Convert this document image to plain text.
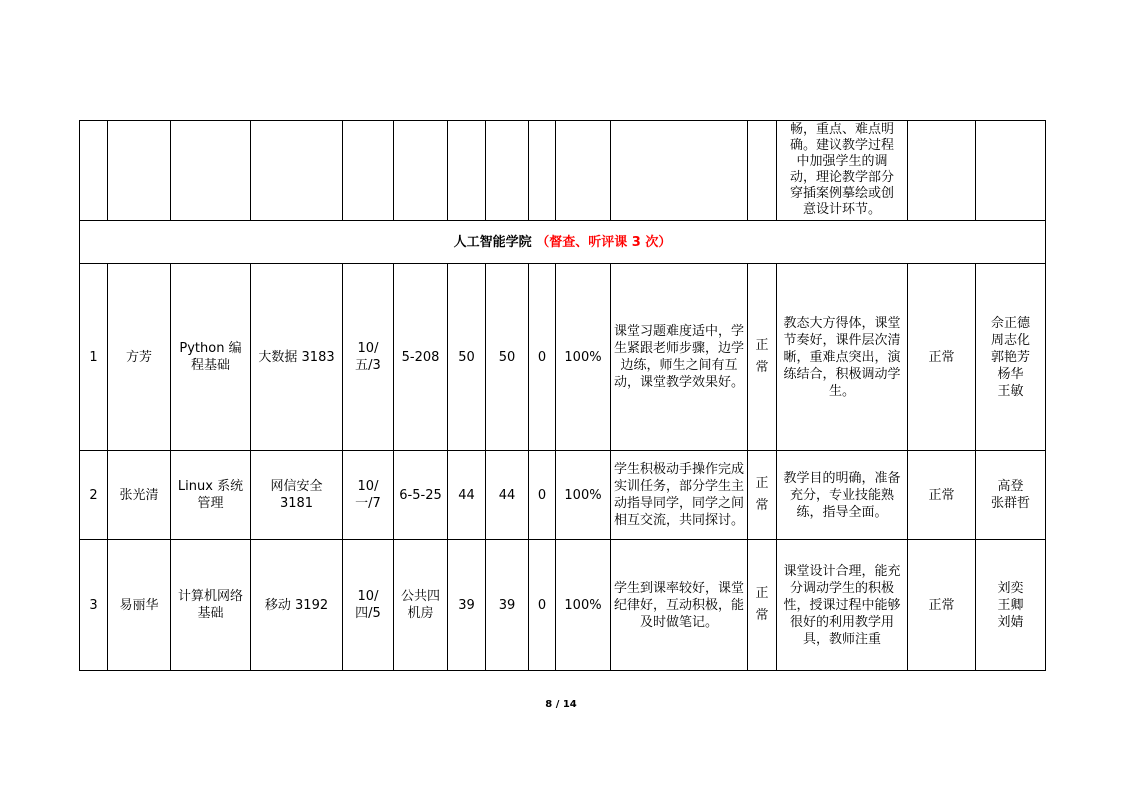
												畅，重点、难点明确。建议教学过程中加强学生的调动，理论教学部分穿插案例摹绘或创意设计环节。		
人工智能学院 （督查、听评课 3 次）														
1	方芳	Python 编程基础	大数据 3183	10/五/3	5-208	50	50	0	100%	课堂习题难度适中，学生紧跟老师步骤，边学边练，师生之间有互动，课堂教学效果好。	正常	教态大方得体，课堂节奏好，课件层次清晰，重难点突出，演练结合，积极调动学生。	正常	佘正德
周志化
郭艳芳
杨华
王敏

2	张光清	Linux 系统管理	网信安全 3181	10/一/7	6-5-25	44	44	0	100%	学生积极动手操作完成实训任务，部分学生主动指导同学，同学之间相互交流，共同探讨。	正常	教学目的明确，准备充分，专业技能熟练，指导全面。	正常	高登
张群哲

3	易丽华	计算机网络基础	移动 3192	10/四/5	公共四机房	39	39	0	100%	学生到课率较好，课堂纪律好，互动积极，能及时做笔记。	正常	课堂设计合理，能充分调动学生的积极性，授课过程中能够很好的利用教学用具，教师注重	正常	刘奕
王卿
刘婧
8 / 14
